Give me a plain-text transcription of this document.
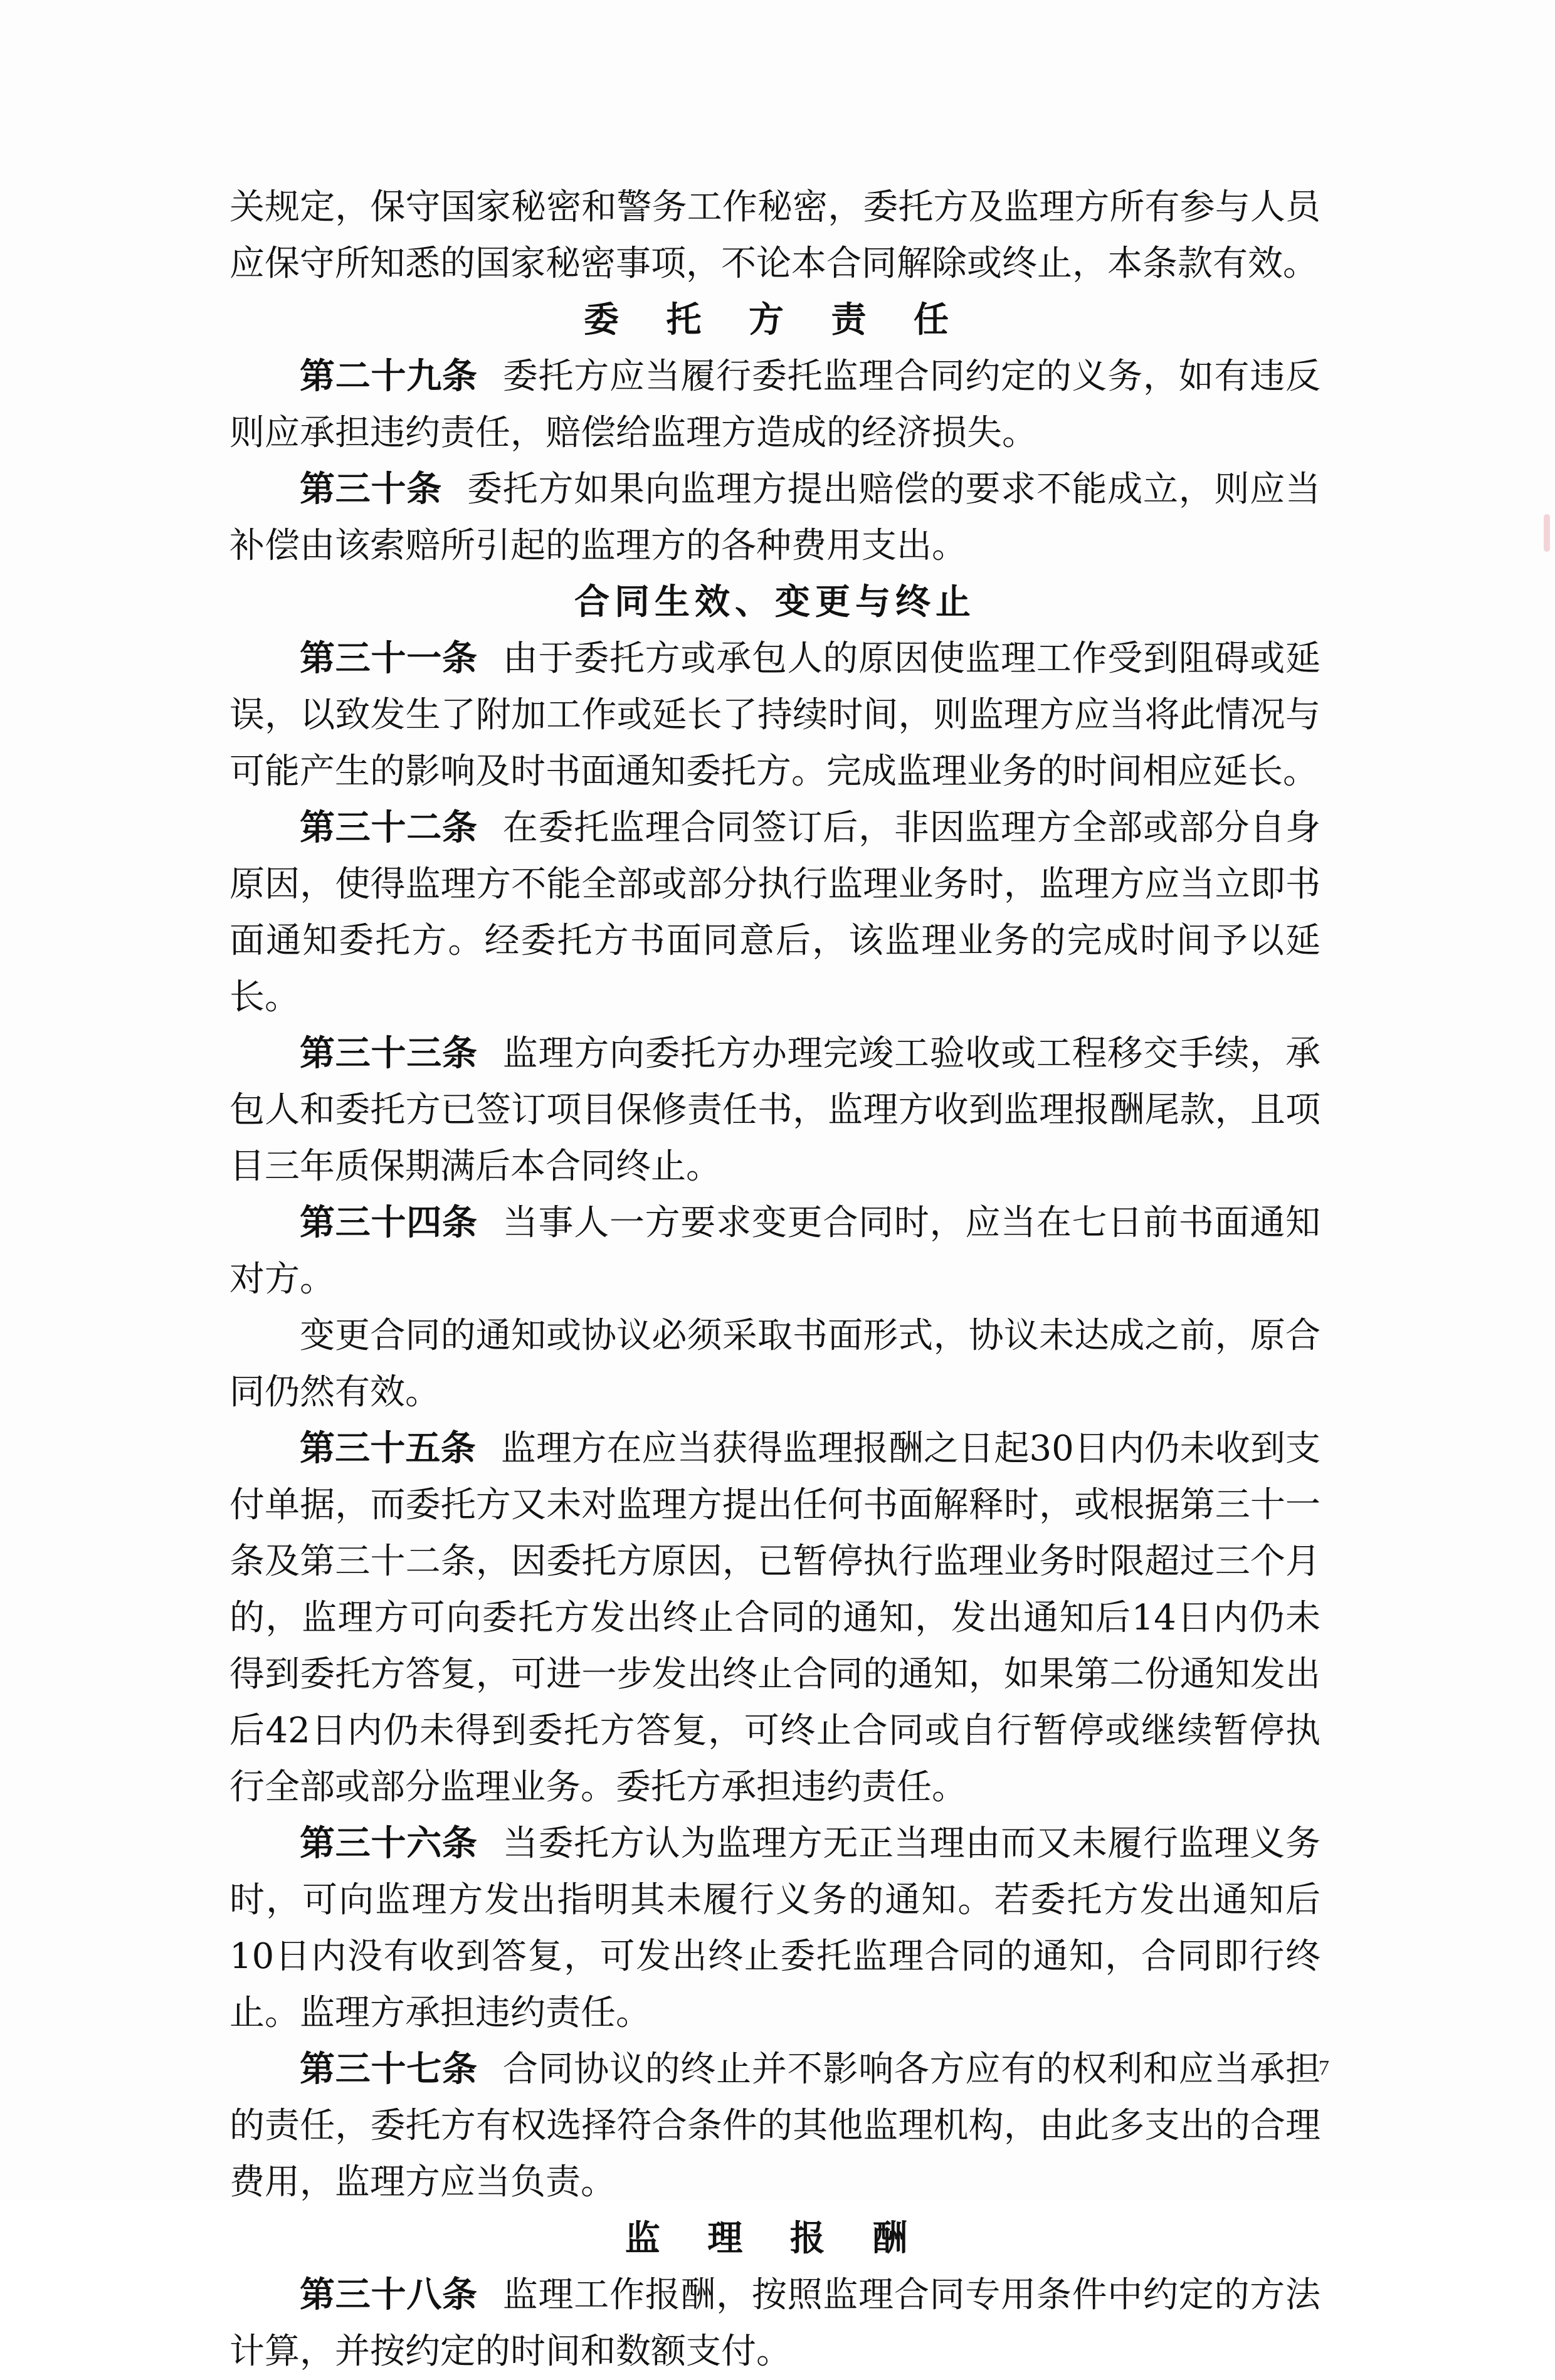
关规定，保守国家秘密和警务工作秘密，委托方及监理方所有参与人员应保守所知悉的国家秘密事项，不论本合同解除或终止，本条款有效。

委 托 方 责 任

第二十九条 委托方应当履行委托监理合同约定的义务，如有违反则应承担违约责任，赔偿给监理方造成的经济损失。

第三十条 委托方如果向监理方提出赔偿的要求不能成立，则应当补偿由该索赔所引起的监理方的各种费用支出。

合同生效、变更与终止

第三十一条 由于委托方或承包人的原因使监理工作受到阻碍或延误，以致发生了附加工作或延长了持续时间，则监理方应当将此情况与可能产生的影响及时书面通知委托方。完成监理业务的时间相应延长。

第三十二条 在委托监理合同签订后，非因监理方全部或部分自身原因，使得监理方不能全部或部分执行监理业务时，监理方应当立即书面通知委托方。经委托方书面同意后，该监理业务的完成时间予以延长。

第三十三条 监理方向委托方办理完竣工验收或工程移交手续，承包人和委托方已签订项目保修责任书，监理方收到监理报酬尾款，且项目三年质保期满后本合同终止。

第三十四条 当事人一方要求变更合同时，应当在七日前书面通知对方。

变更合同的通知或协议必须采取书面形式，协议未达成之前，原合同仍然有效。

第三十五条 监理方在应当获得监理报酬之日起30日内仍未收到支付单据，而委托方又未对监理方提出任何书面解释时，或根据第三十一条及第三十二条，因委托方原因，已暂停执行监理业务时限超过三个月的，监理方可向委托方发出终止合同的通知，发出通知后14日内仍未得到委托方答复，可进一步发出终止合同的通知，如果第二份通知发出后42日内仍未得到委托方答复，可终止合同或自行暂停或继续暂停执行全部或部分监理业务。委托方承担违约责任。

第三十六条 当委托方认为监理方无正当理由而又未履行监理义务时，可向监理方发出指明其未履行义务的通知。若委托方发出通知后10日内没有收到答复，可发出终止委托监理合同的通知，合同即行终止。监理方承担违约责任。

第三十七条 合同协议的终止并不影响各方应有的权利和应当承担的责任，委托方有权选择符合条件的其他监理机构，由此多支出的合理费用，监理方应当负责。

监 理 报 酬

第三十八条 监理工作报酬，按照监理合同专用条件中约定的方法计算，并按约定的时间和数额支付。

7
